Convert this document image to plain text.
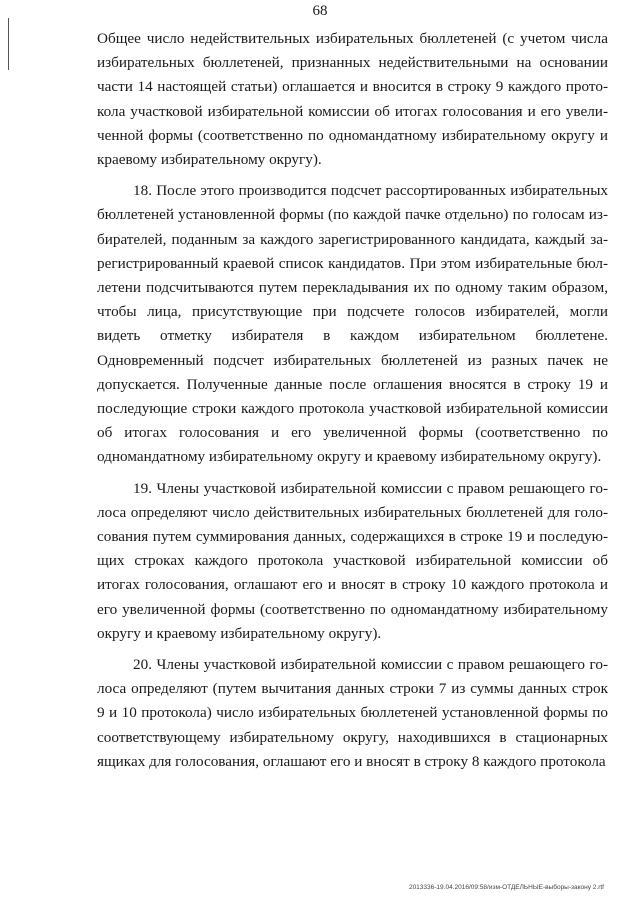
68

Общее число недействительных избирательных бюллетеней (с учетом числа избирательных бюллетеней, признанных недействительными на основании части 14 настоящей статьи) оглашается и вносится в строку 9 каждого протокола участковой избирательной комиссии об итогах голосования и его увеличенной формы (соответственно по одномандатному избирательному округу и краевому избирательному округу).

18. После этого производится подсчет рассортированных избирательных бюллетеней установленной формы (по каждой пачке отдельно) по голосам избирателей, поданным за каждого зарегистрированного кандидата, каждый зарегистрированный краевой список кандидатов. При этом избирательные бюллетени подсчитываются путем перекладывания их по одному таким образом, чтобы лица, присутствующие при подсчете голосов избирателей, могли видеть отметку избирателя в каждом избирательном бюллетене. Одновременный подсчет избирательных бюллетеней из разных пачек не допускается. Полученные данные после оглашения вносятся в строку 19 и последующие строки каждого протокола участковой избирательной комиссии об итогах голосования и его увеличенной формы (соответственно по одномандатному избирательному округу и краевому избирательному округу).

19. Члены участковой избирательной комиссии с правом решающего голоса определяют число действительных избирательных бюллетеней для голосования путем суммирования данных, содержащихся в строке 19 и последующих строках каждого протокола участковой избирательной комиссии об итогах голосования, оглашают его и вносят в строку 10 каждого протокола и его увеличенной формы (соответственно по одномандатному избирательному округу и краевому избирательному округу).

20. Члены участковой избирательной комиссии с правом решающего голоса определяют (путем вычитания данных строки 7 из суммы данных строк 9 и 10 протокола) число избирательных бюллетеней установленной формы по соответствующему избирательному округу, находившихся в стационарных ящиках для голосования, оглашают его и вносят в строку 8 каждого протокола

2013336-19.04.2016/09:58/изм-ОТДЕЛЬНЫЕ-выборы-закону 2.rtf
